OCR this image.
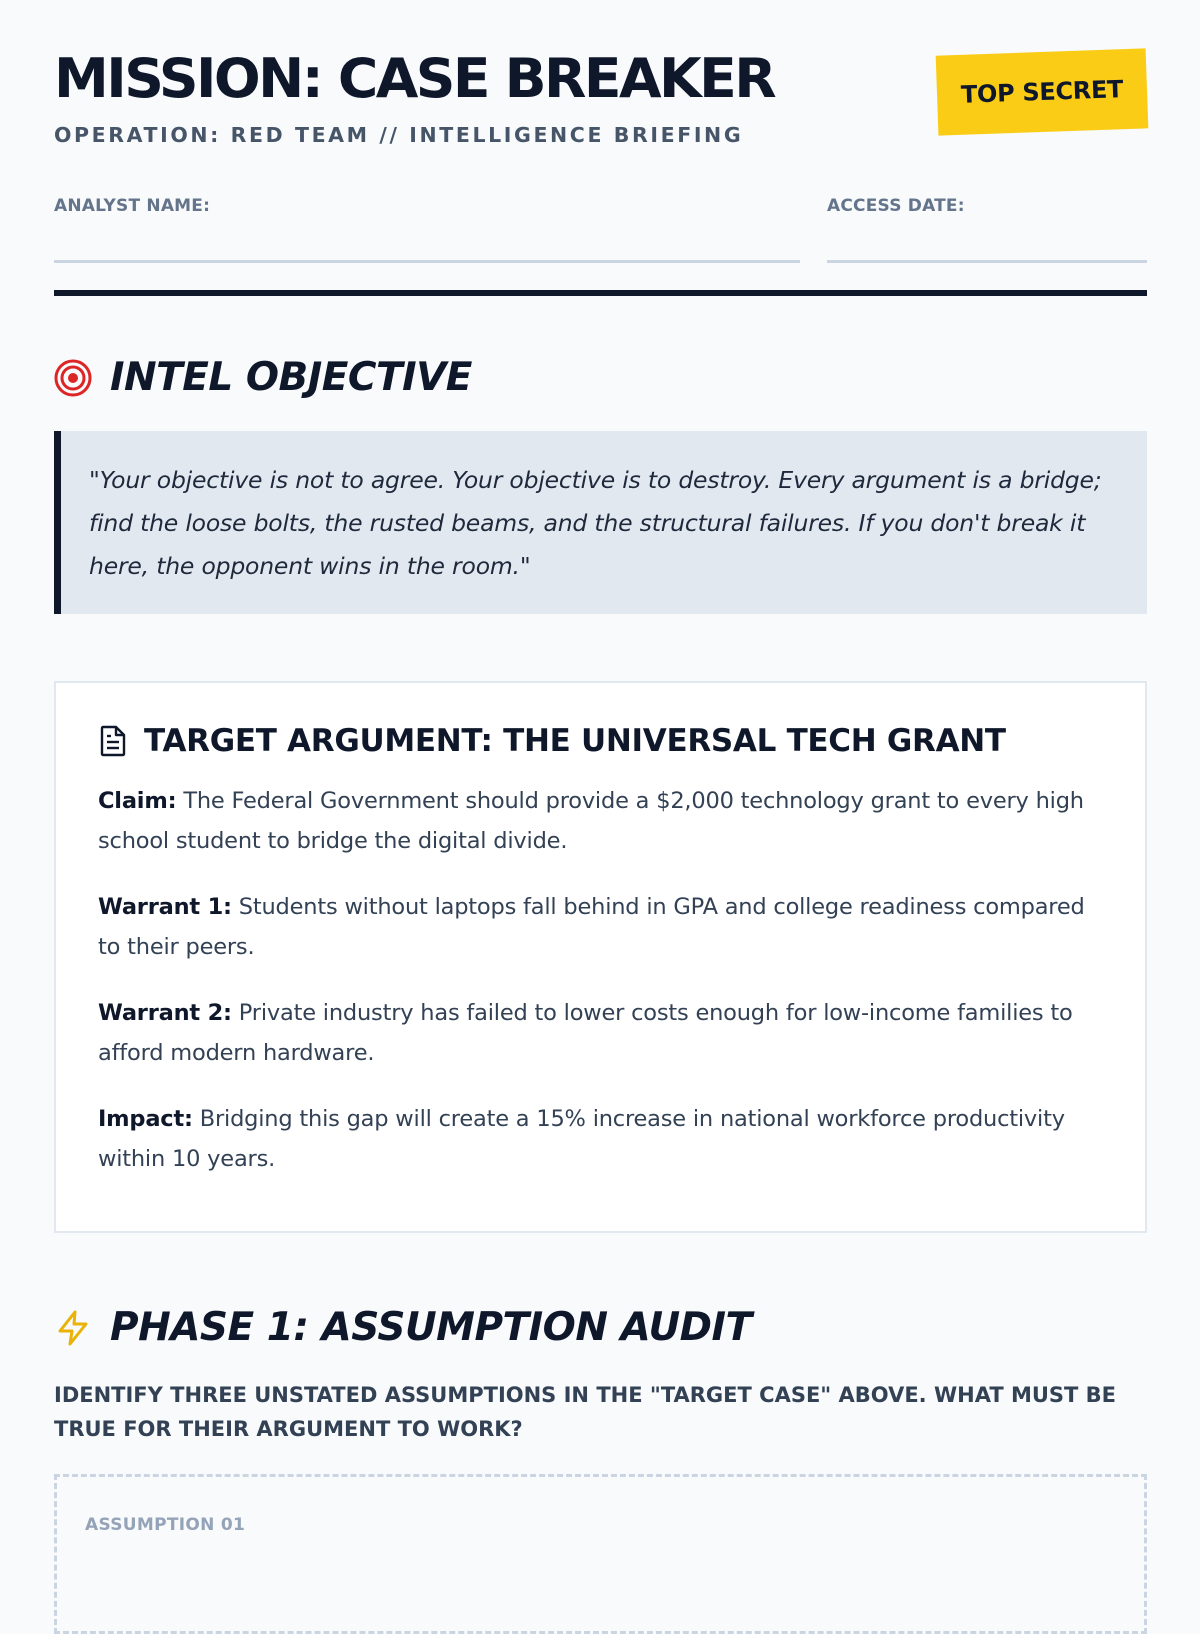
MISSION: CASE BREAKER
OPERATION: RED TEAM // INTELLIGENCE BRIEFING
TOP SECRET
ANALYST NAME:	ACCESS DATE:
INTEL OBJECTIVE

"Your objective is not to agree. Your objective is to destroy. Every argument is a bridge; find the loose bolts, the rusted beams, and the structural failures. If you don't break it here, the opponent wins in the room."

TARGET ARGUMENT: THE UNIVERSAL TECH GRANT

Claim: The Federal Government should provide a $2,000 technology grant to every high school student to bridge the digital divide.

Warrant 1: Students without laptops fall behind in GPA and college readiness compared to their peers.

Warrant 2: Private industry has failed to lower costs enough for low-income families to afford modern hardware.

Impact: Bridging this gap will create a 15% increase in national workforce productivity within 10 years.

PHASE 1: ASSUMPTION AUDIT
IDENTIFY THREE UNSTATED ASSUMPTIONS IN THE "TARGET CASE" ABOVE. WHAT MUST BE TRUE FOR THEIR ARGUMENT TO WORK?
ASSUMPTION 01
